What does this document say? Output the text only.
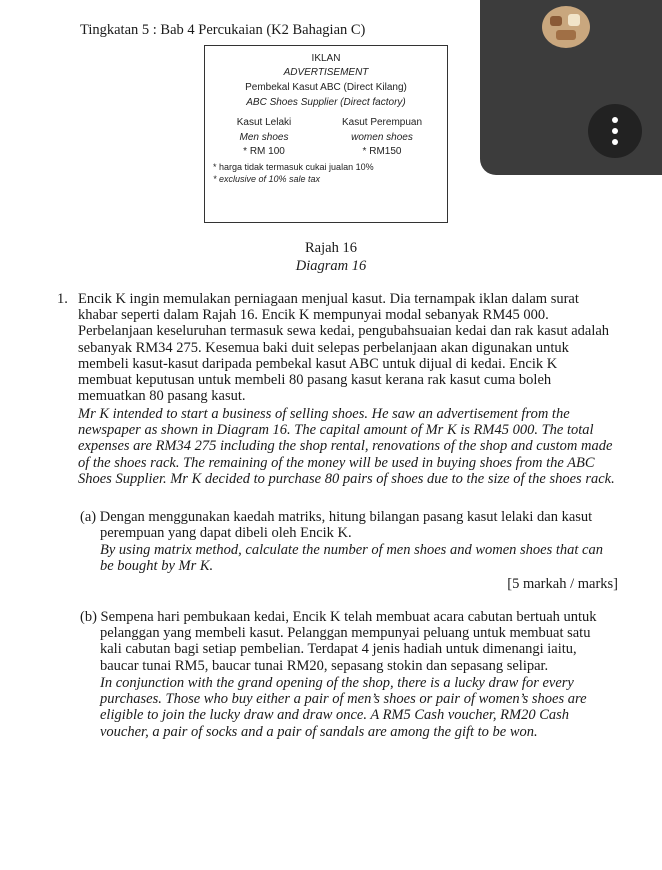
Tingkatan 5 : Bab 4 Percukaian (K2 Bahagian C)
IKLAN
ADVERTISEMENT
Pembekal Kasut ABC (Direct Kilang)
ABC Shoes Supplier (Direct factory)
Kasut Lelaki
Men shoes
* RM 100
Kasut Perempuan
women shoes
* RM150
* harga tidak termasuk cukai jualan 10%
* exclusive of 10% sale tax
Rajah 16
Diagram 16
1. Encik K ingin memulakan perniagaan menjual kasut. Dia ternampak iklan dalam surat
khabar seperti dalam Rajah 16. Encik K mempunyai modal sebanyak RM45 000.
Perbelanjaan keseluruhan termasuk sewa kedai, pengubahsuaian kedai dan rak kasut adalah
sebanyak RM34 275. Kesemua baki duit selepas perbelanjaan akan digunakan untuk
membeli kasut-kasut daripada pembekal kasut ABC untuk dijual di kedai. Encik K
membuat keputusan untuk membeli 80 pasang kasut kerana rak kasut cuma boleh
memuatkan 80 pasang kasut.
Mr K intended to start a business of selling shoes. He saw an advertisement from the
newspaper as shown in Diagram 16. The capital amount of Mr K is RM45 000. The total
expenses are RM34 275 including the shop rental, renovations of the shop and custom made
of the shoes rack. The remaining of the money will be used in buying shoes from the ABC
Shoes Supplier. Mr K decided to purchase 80 pairs of shoes due to the size of the shoes rack.
(a) Dengan menggunakan kaedah matriks, hitung bilangan pasang kasut lelaki dan kasut
perempuan yang dapat dibeli oleh Encik K.
By using matrix method, calculate the number of men shoes and women shoes that can
be bought by Mr K.
[5 markah / marks]
(b) Sempena hari pembukaan kedai, Encik K telah membuat acara cabutan bertuah untuk
pelanggan yang membeli kasut. Pelanggan mempunyai peluang untuk membuat satu
kali cabutan bagi setiap pembelian. Terdapat 4 jenis hadiah untuk dimenangi iaitu,
baucar tunai RM5, baucar tunai RM20, sepasang stokin dan sepasang selipar.
In conjunction with the grand opening of the shop, there is a lucky draw for every
purchases. Those who buy either a pair of men’s shoes or pair of women’s shoes are
eligible to join the lucky draw and draw once. A RM5 Cash voucher, RM20 Cash
voucher, a pair of socks and a pair of sandals are among the gift to be won.
